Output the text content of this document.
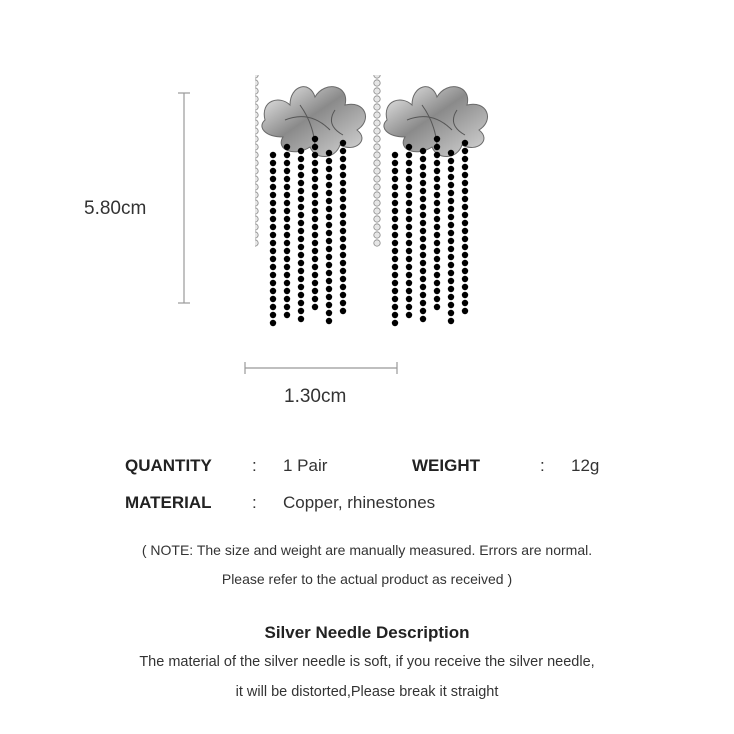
5.80cm
1.30cm
QUANTITY : 1 Pair	WEIGHT	: 12g
MATERIAL : Copper, rhinestones
( NOTE: The size and weight are manually measured. Errors are normal.
Please refer to the actual product as received )
Silver Needle Description
The material of the silver needle is soft, if you receive the silver needle,
it will be distorted,Please break it straight
